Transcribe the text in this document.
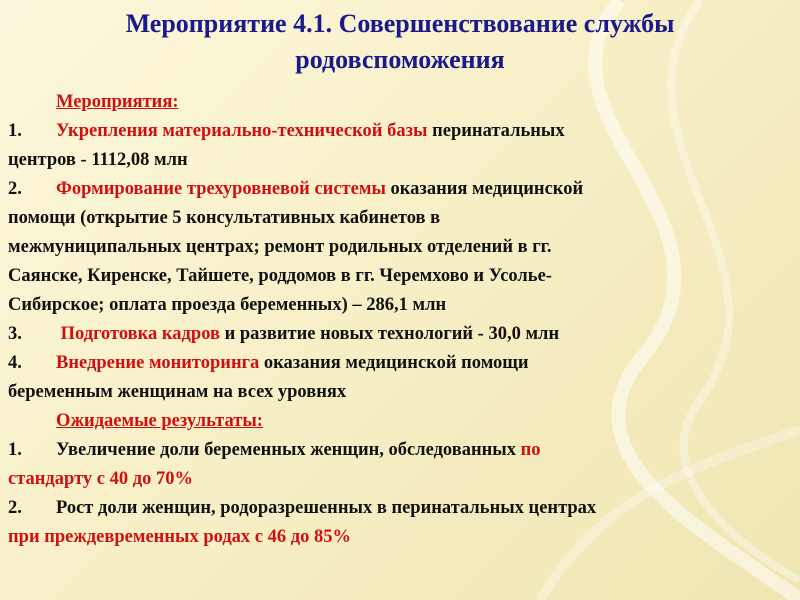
Мероприятие 4.1. Совершенствование службы
родовспоможения
Мероприятия:
1. Укрепления материально-технической базы перинатальных
центров - 1112,08 млн
2. Формирование трехуровневой системы оказания медицинской
помощи (открытие 5 консультативных кабинетов в
межмуниципальных центрах; ремонт родильных отделений в гг.
Саянске, Киренске, Тайшете, роддомов в гг. Черемхово и Усолье-
Сибирское; оплата проезда беременных) – 286,1 млн
3. Подготовка кадров и развитие новых технологий - 30,0 млн
4. Внедрение мониторинга оказания медицинской помощи
беременным женщинам на всех уровнях
Ожидаемые результаты:
1. Увеличение доли беременных женщин, обследованных по
стандарту с 40 до 70%
2. Рост доли женщин, родоразрешенных в перинатальных центрах
при преждевременных родах с 46 до 85%
